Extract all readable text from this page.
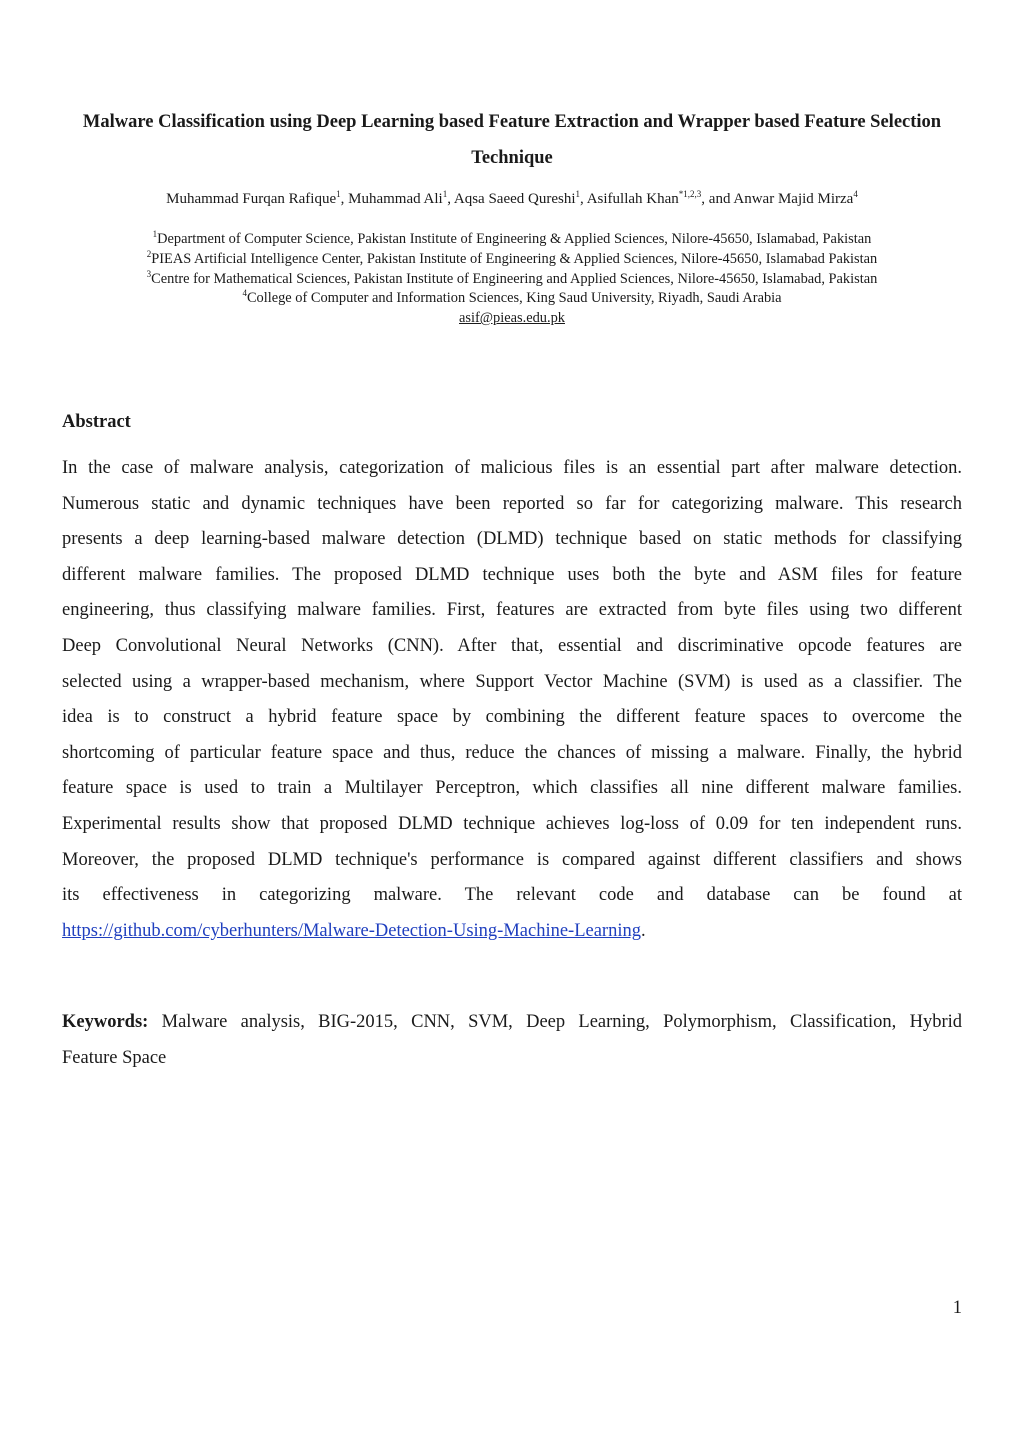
Malware Classification using Deep Learning based Feature Extraction and Wrapper based Feature Selection Technique
Muhammad Furqan Rafique$^1$, Muhammad Ali$^1$, Aqsa Saeed Qureshi$^1$, Asifullah Khan$^{*1,2,3}$, and Anwar Majid Mirza$^4$
$^1$Department of Computer Science, Pakistan Institute of Engineering & Applied Sciences, Nilore-45650, Islamabad, Pakistan
$^2$PIEAS Artificial Intelligence Center, Pakistan Institute of Engineering & Applied Sciences, Nilore-45650, Islamabad Pakistan
$^3$Centre for Mathematical Sciences, Pakistan Institute of Engineering and Applied Sciences, Nilore-45650, Islamabad, Pakistan
$^4$College of Computer and Information Sciences, King Saud University, Riyadh, Saudi Arabia
asif@pieas.edu.pk
Abstract
In the case of malware analysis, categorization of malicious files is an essential part after malware detection.
Numerous static and dynamic techniques have been reported so far for categorizing malware. This research
presents a deep learning-based malware detection (DLMD) technique based on static methods for classifying
different malware families. The proposed DLMD technique uses both the byte and ASM files for feature
engineering, thus classifying malware families. First, features are extracted from byte files using two different
Deep Convolutional Neural Networks (CNN). After that, essential and discriminative opcode features are
selected using a wrapper-based mechanism, where Support Vector Machine (SVM) is used as a classifier. The
idea is to construct a hybrid feature space by combining the different feature spaces to overcome the
shortcoming of particular feature space and thus, reduce the chances of missing a malware. Finally, the hybrid
feature space is used to train a Multilayer Perceptron, which classifies all nine different malware families.
Experimental results show that proposed DLMD technique achieves log-loss of 0.09 for ten independent runs.
Moreover, the proposed DLMD technique's performance is compared against different classifiers and shows
its effectiveness in categorizing malware. The relevant code and database can be found at
https://github.com/cyberhunters/Malware-Detection-Using-Machine-Learning.
Keywords: Malware analysis, BIG-2015, CNN, SVM, Deep Learning, Polymorphism, Classification, Hybrid
Feature Space
1
